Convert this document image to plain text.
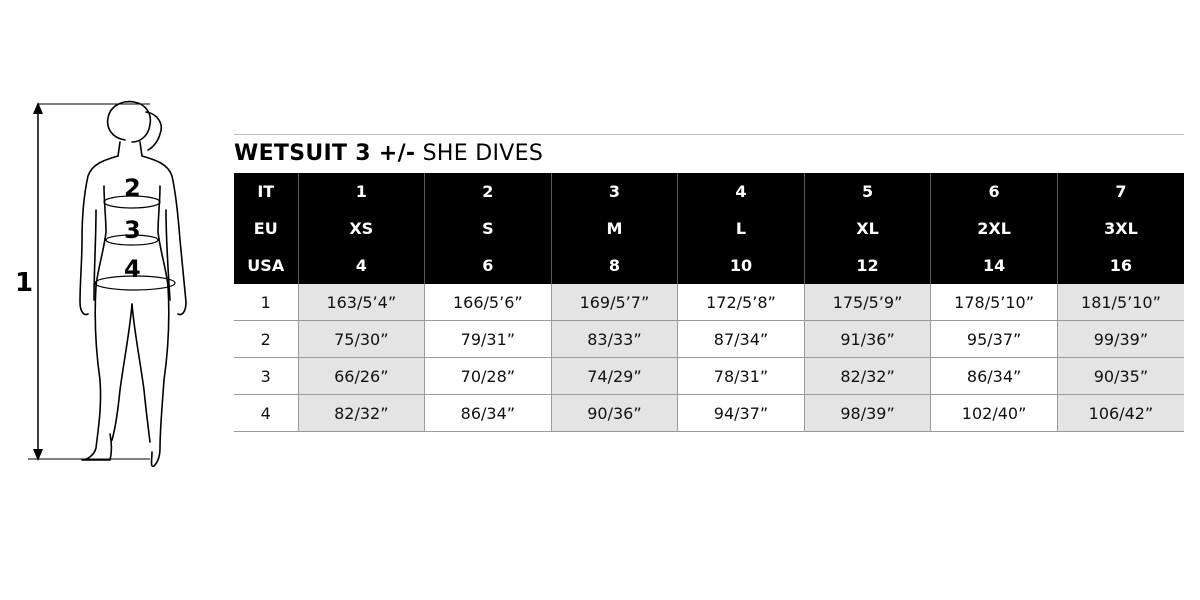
1
2
3
4
WETSUIT 3 +/- SHE DIVES
IT	1	2	3	4	5	6	7
EU	XS	S	M	L	XL	2XL	3XL
USA	4	6	8	10	12	14	16
1	163/5’4”	166/5’6”	169/5’7”	172/5’8”	175/5’9”	178/5’10”	181/5’10”
2	75/30”	79/31”	83/33”	87/34”	91/36”	95/37”	99/39”
3	66/26”	70/28”	74/29”	78/31”	82/32”	86/34”	90/35”
4	82/32”	86/34”	90/36”	94/37”	98/39”	102/40”	106/42”
